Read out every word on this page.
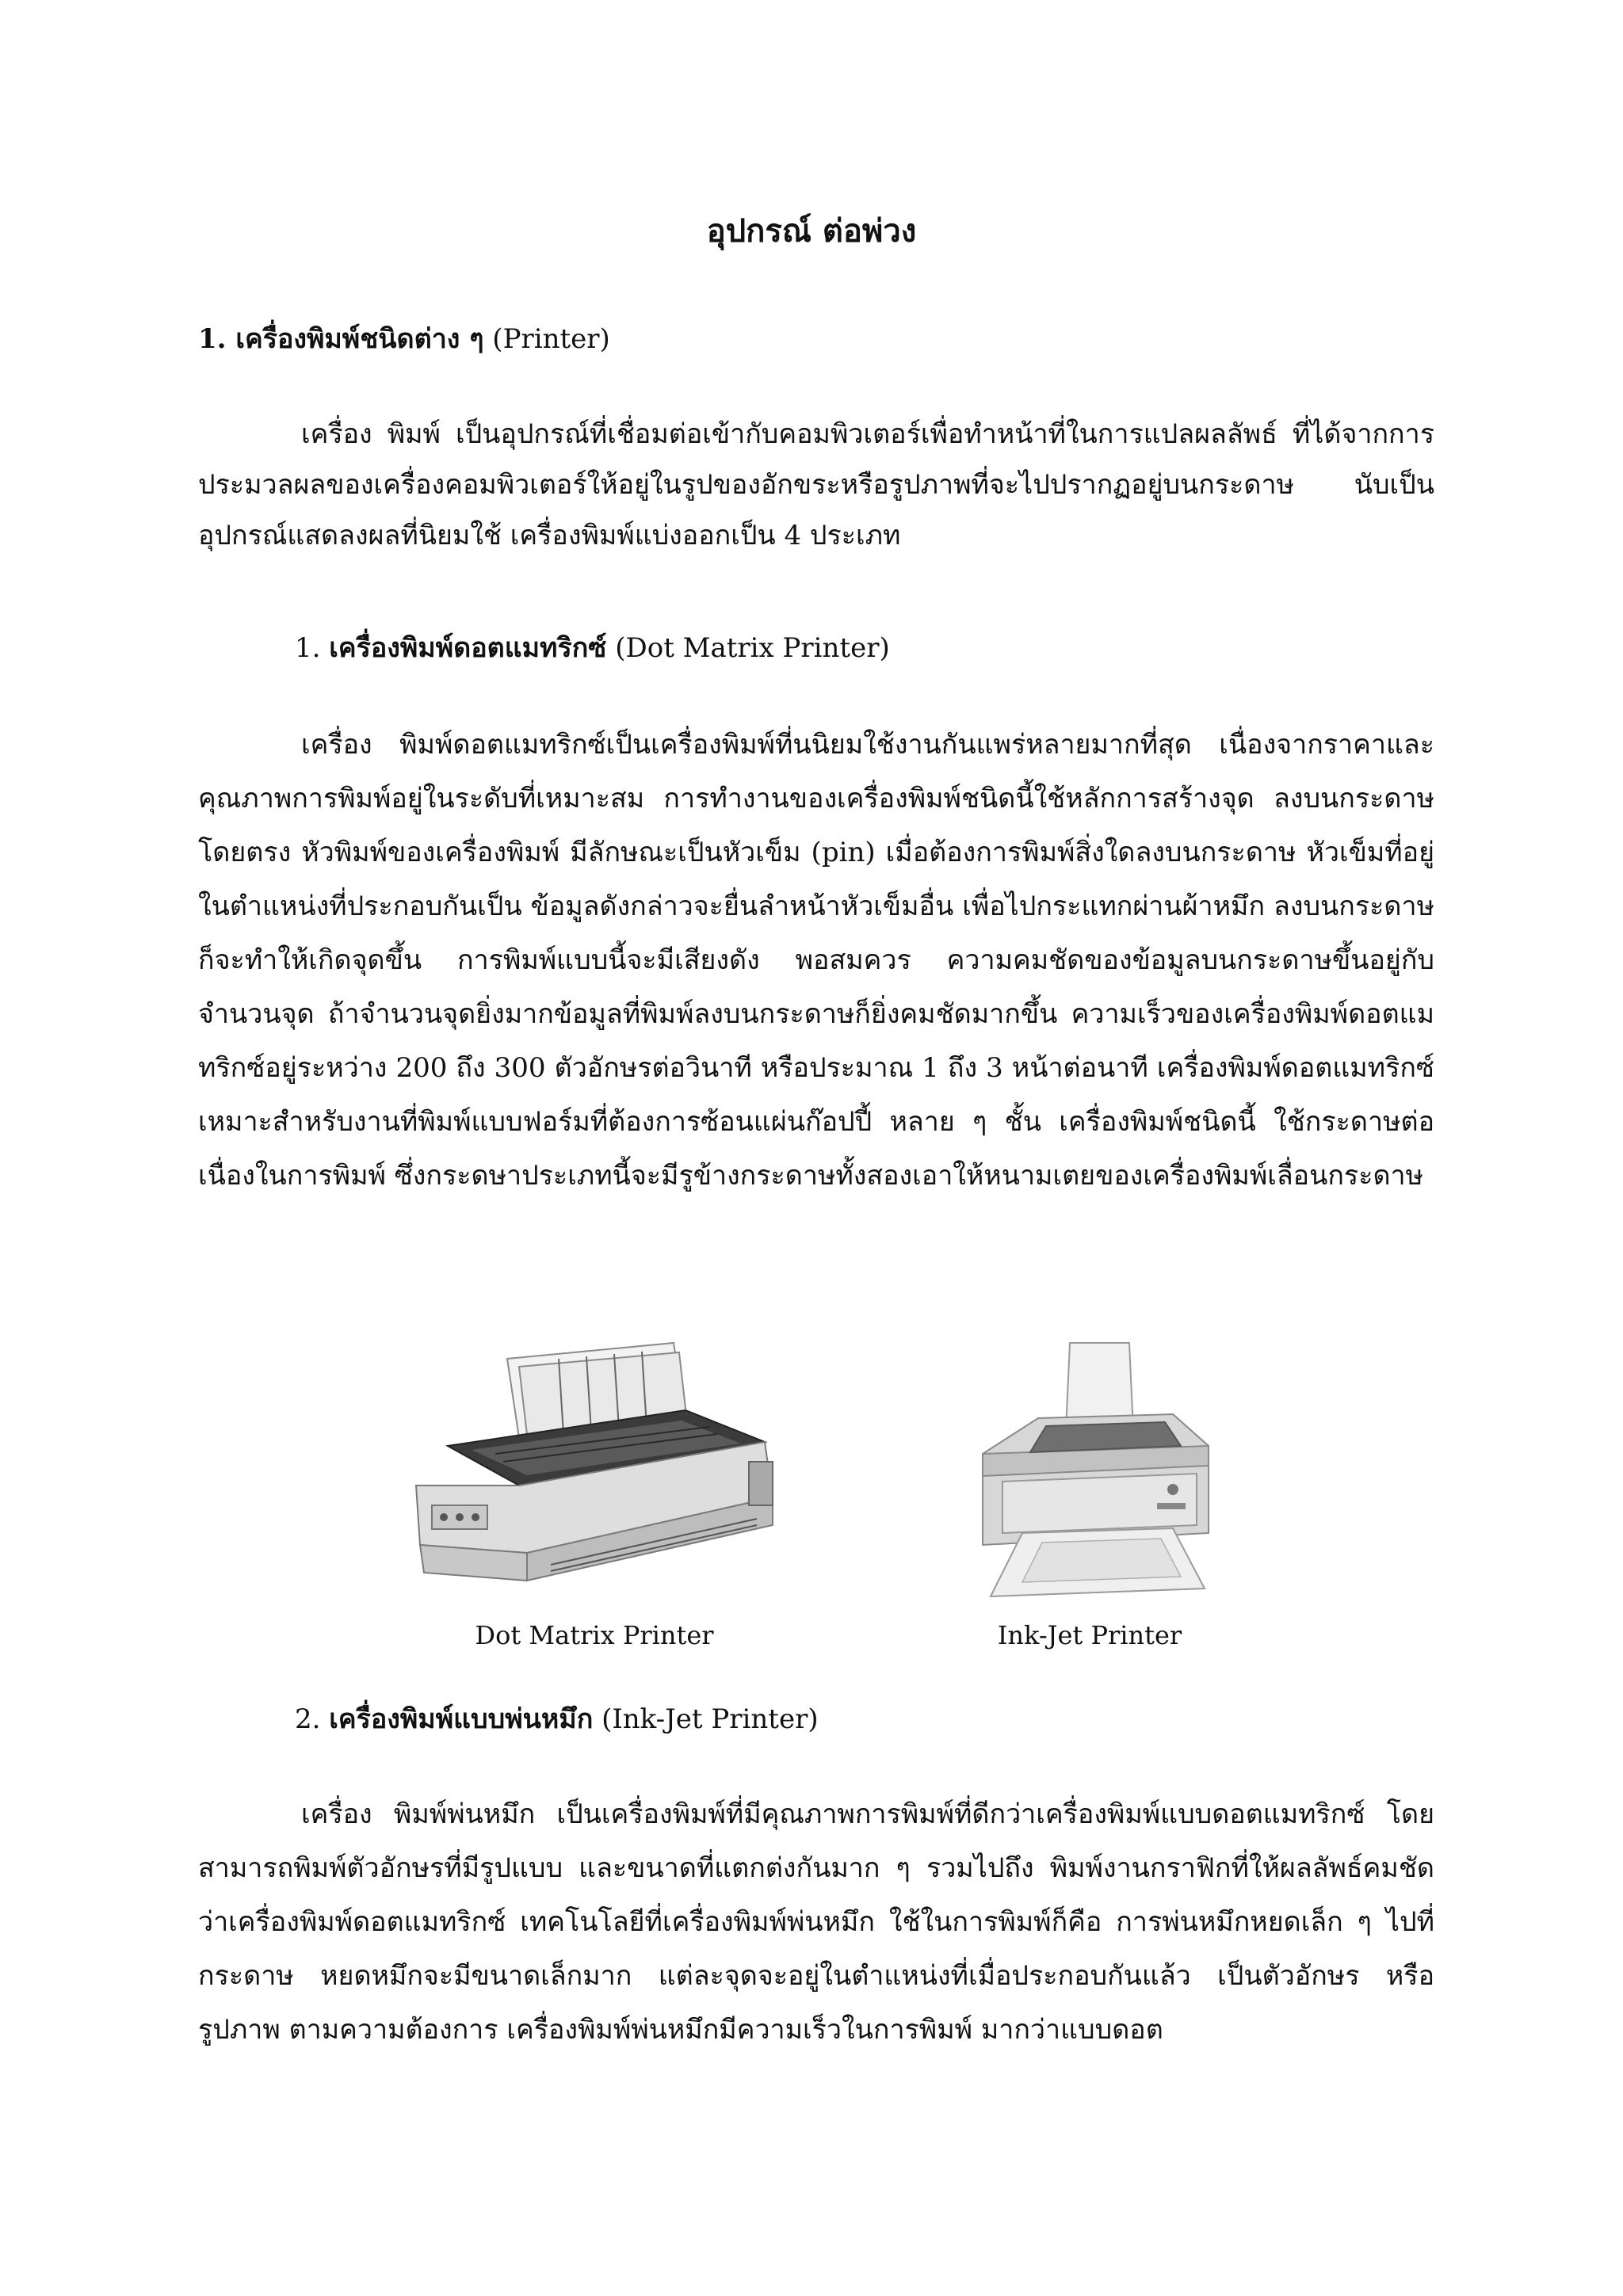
อุปกรณ์ ต่อพ่วง
1. เครื่องพิมพ์ชนิดต่าง ๆ (Printer)
เครื่อง พิมพ์ เป็นอุปกรณ์ที่เชื่อมต่อเข้ากับคอมพิวเตอร์เพื่อทำหน้าที่ในการแปลผลลัพธ์ ที่ได้จากการประมวลผลของเครื่องคอมพิวเตอร์ให้อยู่ในรูปของอักขระหรือรูปภาพที่จะไปปรากฏอยู่บนกระดาษ นับเป็นอุปกรณ์แสดลงผลที่นิยมใช้ เครื่องพิมพ์แบ่งออกเป็น 4 ประเภท
1. เครื่องพิมพ์ดอตแมทริกซ์ (Dot Matrix Printer)
เครื่อง พิมพ์ดอตแมทริกซ์เป็นเครื่องพิมพ์ที่นนิยมใช้งานกันแพร่หลายมากที่สุด เนื่องจากราคาและคุณภาพการพิมพ์อยู่ในระดับที่เหมาะสม การทำงานของเครื่องพิมพ์ชนิดนี้ใช้หลักการสร้างจุด ลงบนกระดาษโดยตรง หัวพิมพ์ของเครื่องพิมพ์ มีลักษณะเป็นหัวเข็ม (pin) เมื่อต้องการพิมพ์สิ่งใดลงบนกระดาษ หัวเข็มที่อยู่ในตำแหน่งที่ประกอบกันเป็น ข้อมูลดังกล่าวจะยื่นลำหน้าหัวเข็มอื่น เพื่อไปกระแทกผ่านผ้าหมึก ลงบนกระดาษ ก็จะทำให้เกิดจุดขึ้น การพิมพ์แบบนี้จะมีเสียงดัง พอสมควร ความคมชัดของข้อมูลบนกระดาษขึ้นอยู่กับจำนวนจุด ถ้าจำนวนจุดยิ่งมากข้อมูลที่พิมพ์ลงบนกระดาษก็ยิ่งคมชัดมากขึ้น ความเร็วของเครื่องพิมพ์ดอตแมทริกซ์อยู่ระหว่าง 200 ถึง 300 ตัวอักษรต่อวินาที หรือประมาณ 1 ถึง 3 หน้าต่อนาที เครื่องพิมพ์ดอตแมทริกซ์ เหมาะสำหรับงานที่พิมพ์แบบฟอร์มที่ต้องการซ้อนแผ่นก๊อปปี้ หลาย ๆ ชั้น เครื่องพิมพ์ชนิดนี้ ใช้กระดาษต่อเนื่องในการพิมพ์ ซึ่งกระดษาประเภทนี้จะมีรูข้างกระดาษทั้งสองเอาให้หนามเตยของเครื่องพิมพ์เลื่อนกระดาษ
Dot Matrix Printer	Ink-Jet Printer
2. เครื่องพิมพ์แบบพ่นหมึก (Ink-Jet Printer)
เครื่อง พิมพ์พ่นหมึก เป็นเครื่องพิมพ์ที่มีคุณภาพการพิมพ์ที่ดีกว่าเครื่องพิมพ์แบบดอตแมทริกซ์ โดยสามารถพิมพ์ตัวอักษรที่มีรูปแบบ และขนาดที่แตกต่งกันมาก ๆ รวมไปถึง พิมพ์งานกราฟิกที่ให้ผลลัพธ์คมชัดว่าเครื่องพิมพ์ดอตแมทริกซ์ เทคโนโลยีที่เครื่องพิมพ์พ่นหมึก ใช้ในการพิมพ์ก็คือ การพ่นหมึกหยดเล็ก ๆ ไปที่กระดาษ หยดหมึกจะมีขนาดเล็กมาก แต่ละจุดจะอยู่ในตำแหน่งที่เมื่อประกอบกันแล้ว เป็นตัวอักษร หรือรูปภาพ ตามความต้องการ เครื่องพิมพ์พ่นหมึกมีความเร็วในการพิมพ์ มากว่าแบบดอต
